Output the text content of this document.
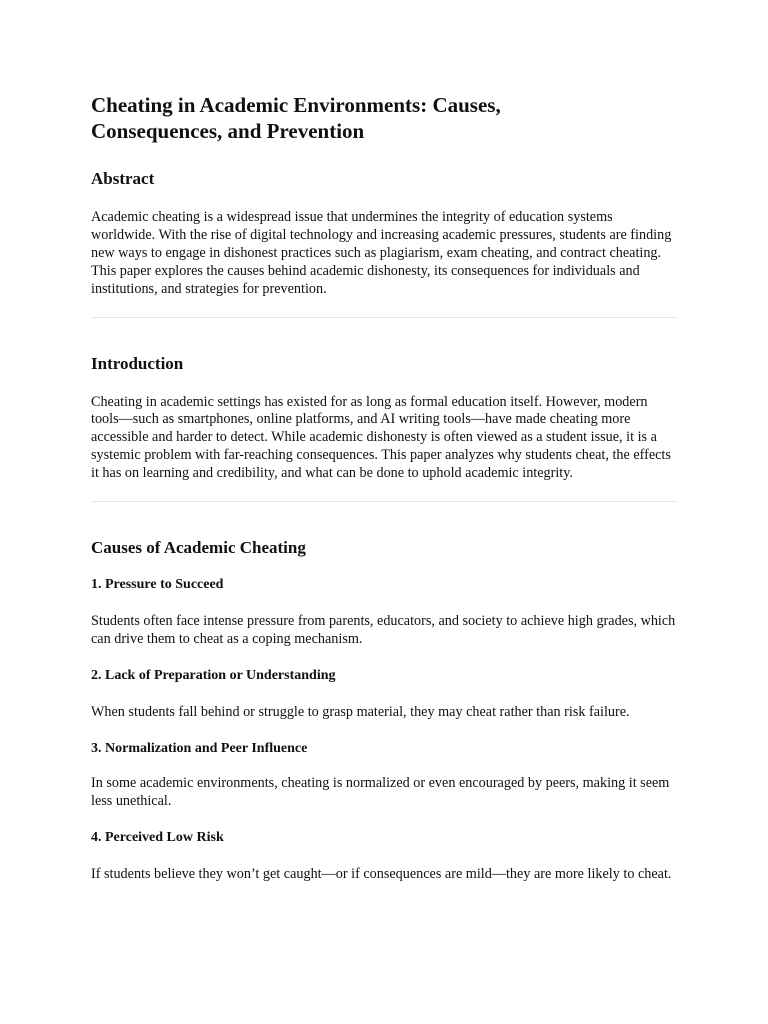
Cheating in Academic Environments: Causes, Consequences, and Prevention
Abstract

Academic cheating is a widespread issue that undermines the integrity of education systems worldwide. With the rise of digital technology and increasing academic pressures, students are finding new ways to engage in dishonest practices such as plagiarism, exam cheating, and contract cheating. This paper explores the causes behind academic dishonesty, its consequences for individuals and institutions, and strategies for prevention.

Introduction

Cheating in academic settings has existed for as long as formal education itself. However, modern tools—such as smartphones, online platforms, and AI writing tools—have made cheating more accessible and harder to detect. While academic dishonesty is often viewed as a student issue, it is a systemic problem with far-reaching consequences. This paper analyzes why students cheat, the effects it has on learning and credibility, and what can be done to uphold academic integrity.

Causes of Academic Cheating
1. Pressure to Succeed

Students often face intense pressure from parents, educators, and society to achieve high grades, which can drive them to cheat as a coping mechanism.

2. Lack of Preparation or Understanding

When students fall behind or struggle to grasp material, they may cheat rather than risk failure.

3. Normalization and Peer Influence

In some academic environments, cheating is normalized or even encouraged by peers, making it seem less unethical.

4. Perceived Low Risk

If students believe they won’t get caught—or if consequences are mild—they are more likely to cheat.
